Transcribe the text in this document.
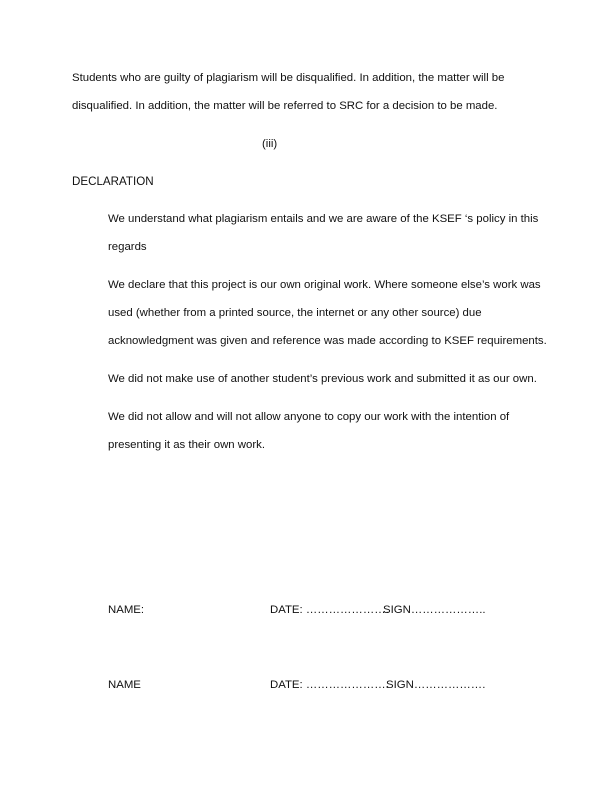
Students who are guilty of plagiarism will be disqualified. In addition, the matter will be
disqualified. In addition, the matter will be referred to SRC for a decision to be made.
(iii)
DECLARATION

We understand what plagiarism entails and we are aware of the KSEF ‘s policy in this regards

We declare that this project is our own original work. Where someone else’s work was used (whether from a printed source, the internet or any other source) due acknowledgment was given and reference was made according to KSEF requirements.

We did not make use of another student’s previous work and submitted it as our own.

We did not allow and will not allow anyone to copy our work with the intention of presenting it as their own work.

NAME:	DATE: ………………….
SIGN………………..
NAME	DATE: ………………….
SIGN……………….
